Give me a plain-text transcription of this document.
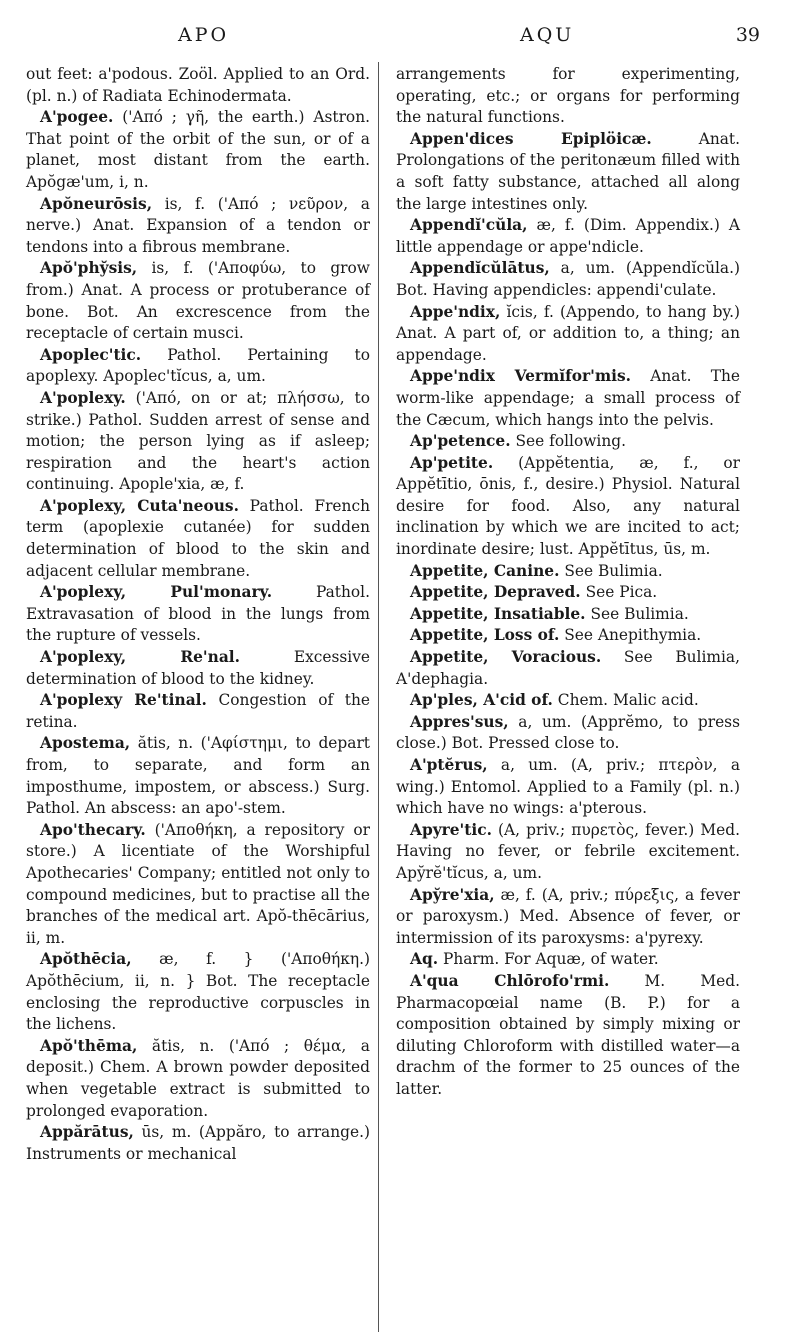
APO	AQU	39

out feet: a'podous. Zoöl. Applied to an Ord. (pl. n.) of Radiata Echinodermata.

A'pogee. ('Από ; γῆ, the earth.) Astron. That point of the orbit of the sun, or of a planet, most distant from the earth. Apŏgæ'um, i, n.

Apŏneurōsis, is, f. ('Από ; νεῦρον, a nerve.) Anat. Expansion of a tendon or tendons into a fibrous membrane.

Apŏ'phy̆sis, is, f. ('Αποφύω, to grow from.) Anat. A process or protuberance of bone. Bot. An excrescence from the receptacle of certain musci.

Apoplec'tic. Pathol. Pertaining to apoplexy. Apoplec'tĭcus, a, um.

A'poplexy. ('Από, on or at; πλήσσω, to strike.) Pathol. Sudden arrest of sense and motion; the person lying as if asleep; respiration and the heart's action continuing. Apople'xia, æ, f.

A'poplexy, Cuta'neous. Pathol. French term (apoplexie cutanée) for sudden determination of blood to the skin and adjacent cellular membrane.

A'poplexy, Pul'monary.	Pathol. Extravasation of blood in the lungs from the rupture of vessels.

A'poplexy, Re'nal.	Excessive determination of blood to the kidney.

A'poplexy Re'tinal. Congestion of the retina.

Apostema, ătis, n. ('Αφίστημι, to depart from, to separate, and form an imposthume, impostem, or abscess.) Surg. Pathol. An abscess: an apo'-stem.

Apo'thecary. ('Αποθήκη, a repository or store.) A licentiate of the Worshipful Apothecaries' Company; entitled not only to compound medicines, but to practise all the branches of the medical art. Apŏ-thēcārius, ii, m.

Apŏthēcia, æ, f. } ('Αποθήκη.) Apŏthēcium, ii, n. } Bot. The receptacle enclosing the reproductive corpuscles in the lichens.

Apŏ'thēma, ătis, n. ('Από ; θέμα, a deposit.) Chem. A brown powder deposited when vegetable extract is submitted to prolonged evaporation.

Appărātus, ūs, m. (Appăro, to arrange.) Instruments or mechanical

arrangements for experimenting, operating, etc.; or organs for performing the natural functions.

Appen'dices Epiplöicæ.	Anat. Prolongations of the peritonæum filled with a soft fatty substance, attached all along the large intestines only.

Appendĭ'cŭla, æ, f. (Dim. Appendix.) A little appendage or appe'ndicle.

Appendĭcŭlātus, a, um. (Appendĭcŭla.) Bot. Having appendicles: appendi'culate.

Appe'ndix, ĭcis, f. (Appendo, to hang by.) Anat. A part of, or addition to, a thing; an appendage.

Appe'ndix Vermĭfor'mis. Anat. The worm-like appendage; a small process of the Cæcum, which hangs into the pelvis.

Ap'petence. See following.

Ap'petite. (Appĕtentia, æ, f., or Appĕtītio, ōnis, f., desire.) Physiol. Natural desire for food. Also, any natural inclination by which we are incited to act; inordinate desire; lust. Appĕtītus, ūs, m.

Appetite, Canine. See Bulimia.

Appetite, Depraved. See Pica.

Appetite, Insatiable. See Bulimia.

Appetite, Loss of. See Anepithymia.

Appetite, Voracious. See Bulimia, A'dephagia.

Ap'ples, A'cid of. Chem. Malic acid.

Appres'sus, a, um. (Apprĕmo, to press close.) Bot. Pressed close to.

A'ptĕrus, a, um. (A, priv.; πτερὸν, a wing.) Entomol. Applied to a Family (pl. n.) which have no wings: a'pterous.

Apyre'tic. (A, priv.; πυρετὸς, fever.) Med. Having no fever, or febrile excitement. Apy̆rĕ'tĭcus, a, um.

Apy̆re'xia, æ, f. (A, priv.; πύρεξις, a fever or paroxysm.) Med. Absence of fever, or intermission of its paroxysms: a'pyrexy.

Aq. Pharm. For Aquæ, of water.

A'qua Chlōrofo'rmi. M. Med. Pharmacopœial name (B. P.) for a composition obtained by simply mixing or diluting Chloroform with distilled water—a drachm of the former to 25 ounces of the latter.
